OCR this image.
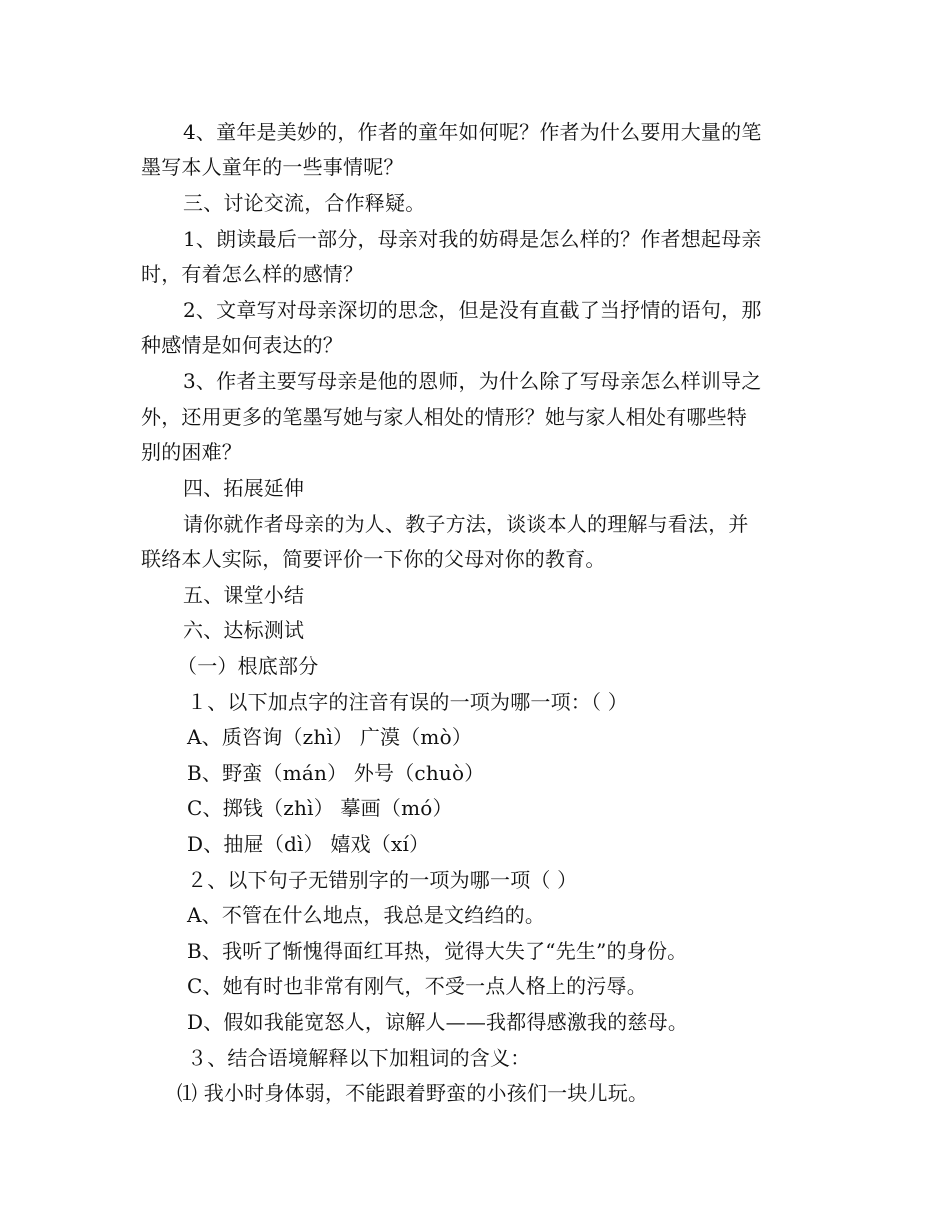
4、童年是美妙的，作者的童年如何呢？作者为什么要用大量的笔
墨写本人童年的一些事情呢？
三、讨论交流，合作释疑。
1、朗读最后一部分，母亲对我的妨碍是怎么样的？作者想起母亲
时，有着怎么样的感情？
2、文章写对母亲深切的思念，但是没有直截了当抒情的语句，那
种感情是如何表达的？
3、作者主要写母亲是他的恩师，为什么除了写母亲怎么样训导之
外，还用更多的笔墨写她与家人相处的情形？她与家人相处有哪些特
别的困难？
四、拓展延伸
请你就作者母亲的为人、教子方法，谈谈本人的理解与看法，并
联络本人实际，简要评价一下你的父母对你的教育。
五、课堂小结
六、达标测试
（一）根底部分
１、以下加点字的注音有误的一项为哪一项：（ ）
A、质咨询（zhì） 广漠（mò）
B、野蛮（mán） 外号（chuò）
C、掷钱（zhì） 摹画（mó）
D、抽屉（dì） 嬉戏（xí）
２、以下句子无错别字的一项为哪一项（ ）
A、不管在什么地点，我总是文绉绉的。
B、我听了惭愧得面红耳热，觉得大失了“先生”的身份。
C、她有时也非常有刚气，不受一点人格上的污辱。
D、假如我能宽怒人，谅解人——我都得感激我的慈母。
３、结合语境解释以下加粗词的含义：
⑴ 我小时身体弱，不能跟着野蛮的小孩们一块儿玩。
